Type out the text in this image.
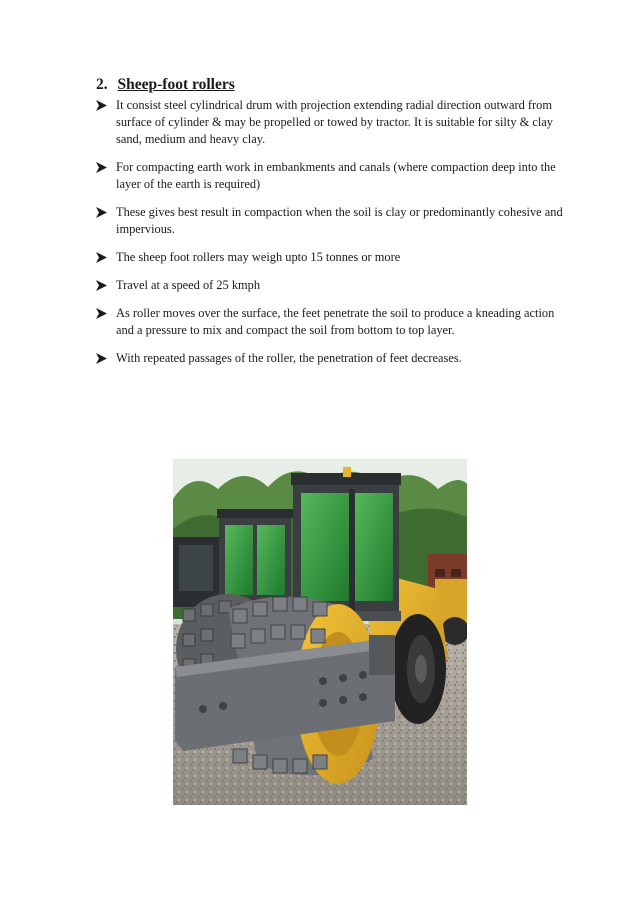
2. Sheep-foot rollers
It consist steel cylindrical drum with projection extending radial direction outward from surface of cylinder & may be propelled or towed by tractor. It is suitable for silty & clay sand, medium and heavy clay.
For compacting earth work in embankments and canals (where compaction deep into the layer of the earth is required)
These gives best result in compaction when the soil is clay or predominantly cohesive and impervious.
The sheep foot rollers may weigh upto 15 tonnes or more
Travel at a speed of 25 kmph
As roller moves over the surface, the feet penetrate the soil to produce a kneading action and a pressure to mix and compact the soil from bottom to top layer.
With repeated passages of the roller, the penetration of feet decreases.
